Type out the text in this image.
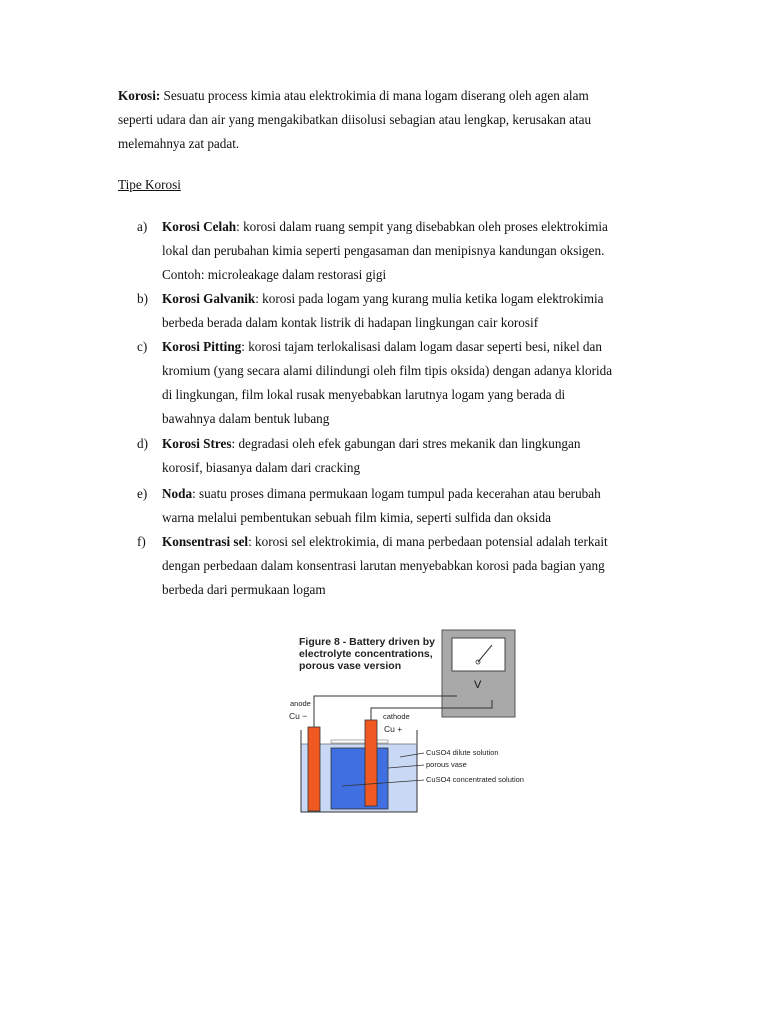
Korosi: Sesuatu process kimia atau elektrokimia di mana logam diserang oleh agen alam
seperti udara dan air yang mengakibatkan diisolusi sebagian atau lengkap, kerusakan atau
melemahnya zat padat.
Tipe Korosi
a) Korosi Celah: korosi dalam ruang sempit yang disebabkan oleh proses elektrokimia
lokal dan perubahan kimia seperti pengasaman dan menipisnya kandungan oksigen.
Contoh: microleakage dalam restorasi gigi
b) Korosi Galvanik: korosi pada logam yang kurang mulia ketika logam elektrokimia
berbeda berada dalam kontak listrik di hadapan lingkungan cair korosif
c) Korosi Pitting: korosi tajam terlokalisasi dalam logam dasar seperti besi, nikel dan
kromium (yang secara alami dilindungi oleh film tipis oksida) dengan adanya klorida
di lingkungan, film lokal rusak menyebabkan larutnya logam yang berada di
bawahnya dalam bentuk lubang
d) Korosi Stres: degradasi oleh efek gabungan dari stres mekanik dan lingkungan
korosif, biasanya dalam dari cracking
e) Noda: suatu proses dimana permukaan logam tumpul pada kecerahan atau berubah
warna melalui pembentukan sebuah film kimia, seperti sulfida dan oksida
f) Konsentrasi sel: korosi sel elektrokimia, di mana perbedaan potensial adalah terkait
dengan perbedaan dalam konsentrasi larutan menyebabkan korosi pada bagian yang
berbeda dari permukaan logam
Figure 8 - Battery driven by
electrolyte concentrations,
porous vase version
V
anode
Cu −	cathode
Cu +
CuSO4 dilute solution
porous vase
CuSO4 concentrated solution
